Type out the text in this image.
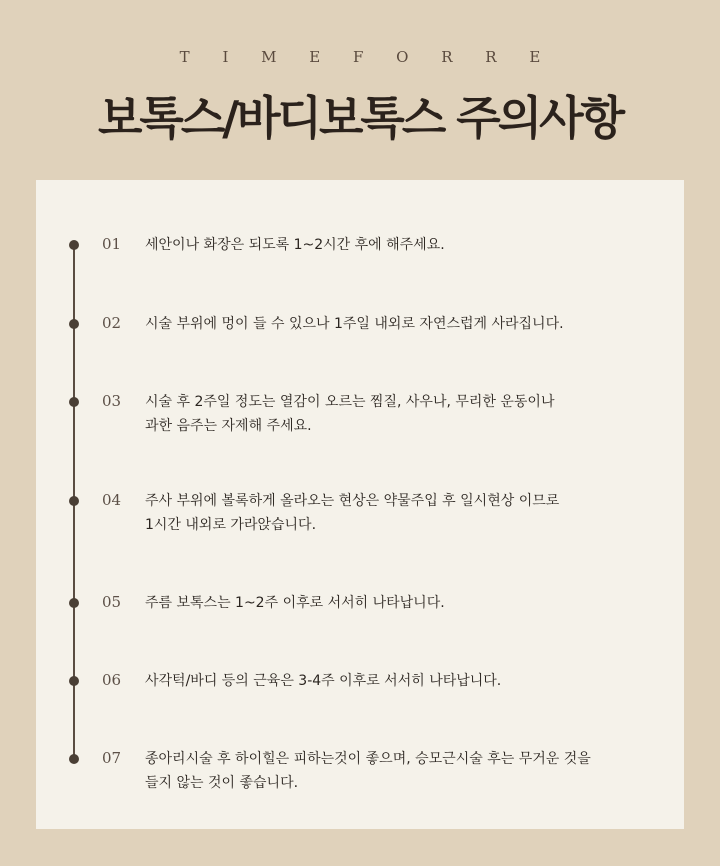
T I M E F O R R E
보톡스/바디보톡스 주의사항
01 세안이나 화장은 되도록 1~2시간 후에 해주세요.
02 시술 부위에 멍이 들 수 있으나 1주일 내외로 자연스럽게 사라집니다.
03 시술 후 2주일 정도는 열감이 오르는 찜질, 사우나, 무리한 운동이나
과한 음주는 자제해 주세요.
04 주사 부위에 볼록하게 올라오는 현상은 약물주입 후 일시현상 이므로
1시간 내외로 가라앉습니다.
05 주름 보톡스는 1~2주 이후로 서서히 나타납니다.
06 사각턱/바디 등의 근육은 3-4주 이후로 서서히 나타납니다.
07 종아리시술 후 하이힐은 피하는것이 좋으며, 승모근시술 후는 무거운 것을
들지 않는 것이 좋습니다.
